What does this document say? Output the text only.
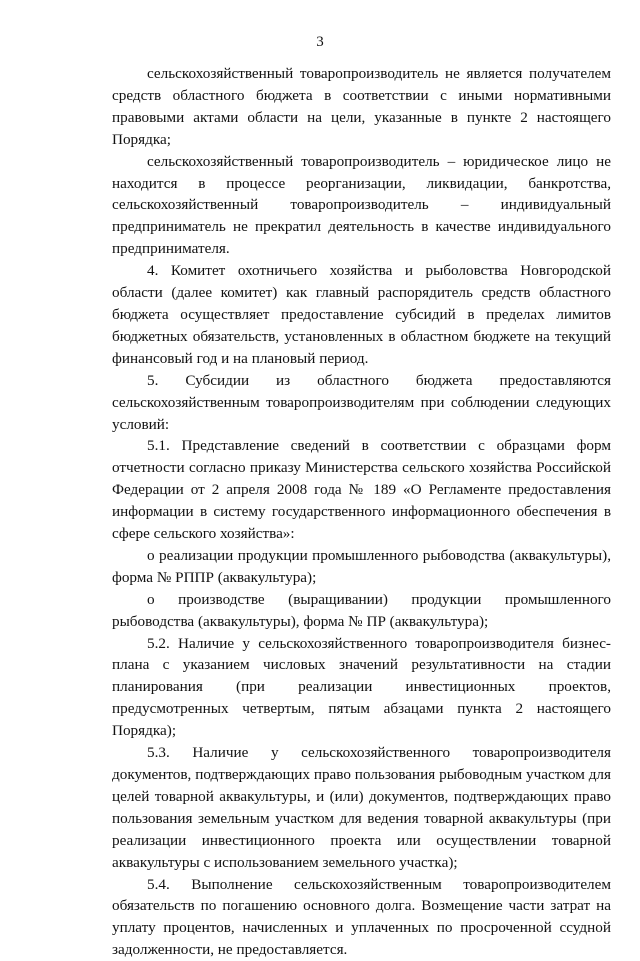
3

сельскохозяйственный товаропроизводитель не является получателем средств областного бюджета в соответствии с иными нормативными правовыми актами области на цели, указанные в пункте 2 настоящего Порядка;

сельскохозяйственный товаропроизводитель – юридическое лицо не находится в процессе реорганизации, ликвидации, банкротства, сельскохозяйственный товаропроизводитель – индивидуальный предприниматель не прекратил деятельность в качестве индивидуального предпринимателя.

4. Комитет охотничьего хозяйства и рыболовства Новгородской области (далее комитет) как главный распорядитель средств областного бюджета осуществляет предоставление субсидий в пределах лимитов бюджетных обязательств, установленных в областном бюджете на текущий финансовый год и на плановый период.

5. Субсидии из областного бюджета предоставляются сельскохозяйственным товаропроизводителям при соблюдении следующих условий:

5.1. Представление сведений в соответствии с образцами форм отчетности согласно приказу Министерства сельского хозяйства Российской Федерации от 2 апреля 2008 года № 189 «О Регламенте предоставления информации в систему государственного информационного обеспечения в сфере сельского хозяйства»:

о реализации продукции промышленного рыбоводства (аквакультуры), форма № РППР (аквакультура);

о производстве (выращивании) продукции промышленного рыбоводства (аквакультуры), форма № ПР (аквакультура);

5.2. Наличие у сельскохозяйственного товаропроизводителя бизнес-плана с указанием числовых значений результативности на стадии планирования (при реализации инвестиционных проектов, предусмотренных четвертым, пятым абзацами пункта 2 настоящего Порядка);

5.3. Наличие у сельскохозяйственного товаропроизводителя документов, подтверждающих право пользования рыбоводным участком для целей товарной аквакультуры, и (или) документов, подтверждающих право пользования земельным участком для ведения товарной аквакультуры (при реализации инвестиционного проекта или осуществлении товарной аквакультуры с использованием земельного участка);

5.4. Выполнение сельскохозяйственным товаропроизводителем обязательств по погашению основного долга. Возмещение части затрат на уплату процентов, начисленных и уплаченных по просроченной ссудной задолженности, не предоставляется.
